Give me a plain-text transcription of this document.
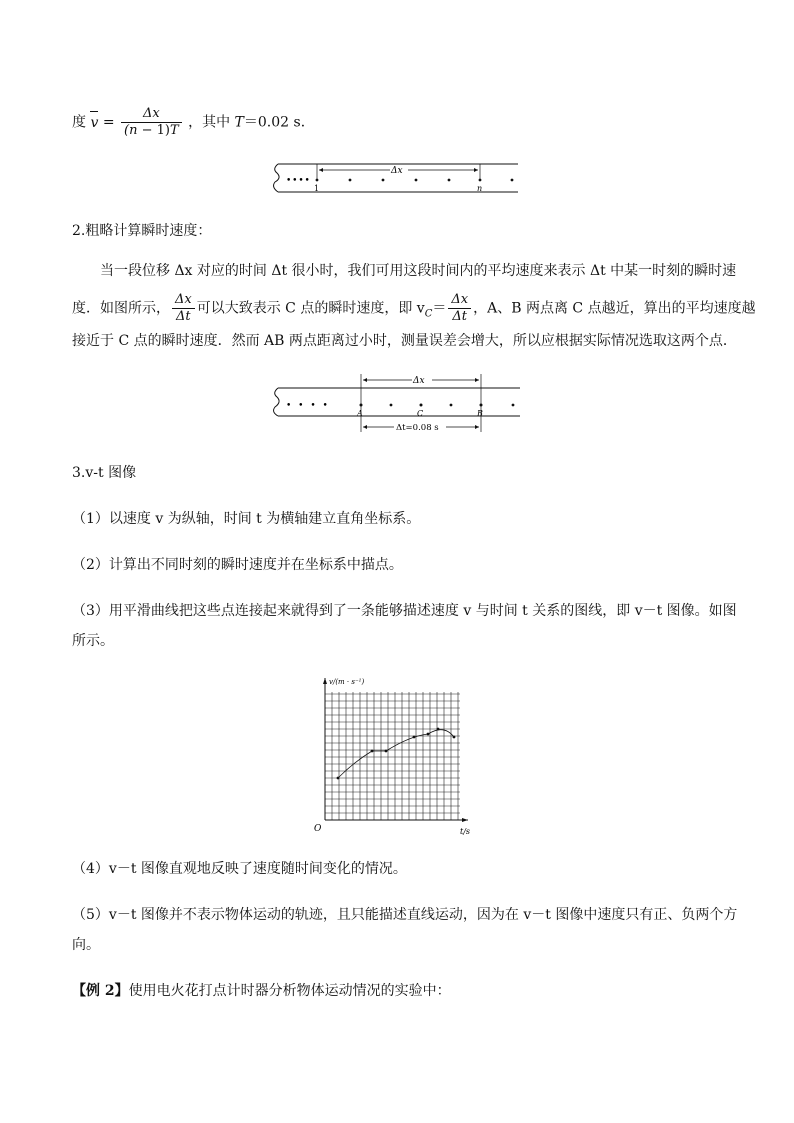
度 $v = \frac{\Delta x}{(n - 1)T}$ ，其中 T＝0.02 s．
• • • •
Δx
1	n
2.粗略计算瞬时速度：
当一段位移 Δx 对应的时间 Δt 很小时，我们可用这段时间内的平均速度来表示 Δt 中某一时刻的瞬时速
度．如图所示， $\frac{\Delta x}{\Delta t}$ 可以大致表示 C 点的瞬时速度，即 $v_C= \frac{\Delta x}{\Delta t}$ ，A、B 两点离 C 点越近，算出的平均速度越
接近于 C 点的瞬时速度．然而 AB 两点距离过小时，测量误差会增大，所以应根据实际情况选取这两个点．
• • • •
Δx
A	C	B
Δt=0.08 s
3.v-t 图像
（1）以速度 v 为纵轴，时间 t 为横轴建立直角坐标系。
（2）计算出不同时刻的瞬时速度并在坐标系中描点。
（3）用平滑曲线把这些点连接起来就得到了一条能够描述速度 v 与时间 t 关系的图线，即 v－t 图像。如图
所示。
v/(m · s⁻¹)
t/s
O
（4）v－t 图像直观地反映了速度随时间变化的情况。
（5）v－t 图像并不表示物体运动的轨迹，且只能描述直线运动，因为在 v－t 图像中速度只有正、负两个方
向。
【例 2】使用电火花打点计时器分析物体运动情况的实验中：
